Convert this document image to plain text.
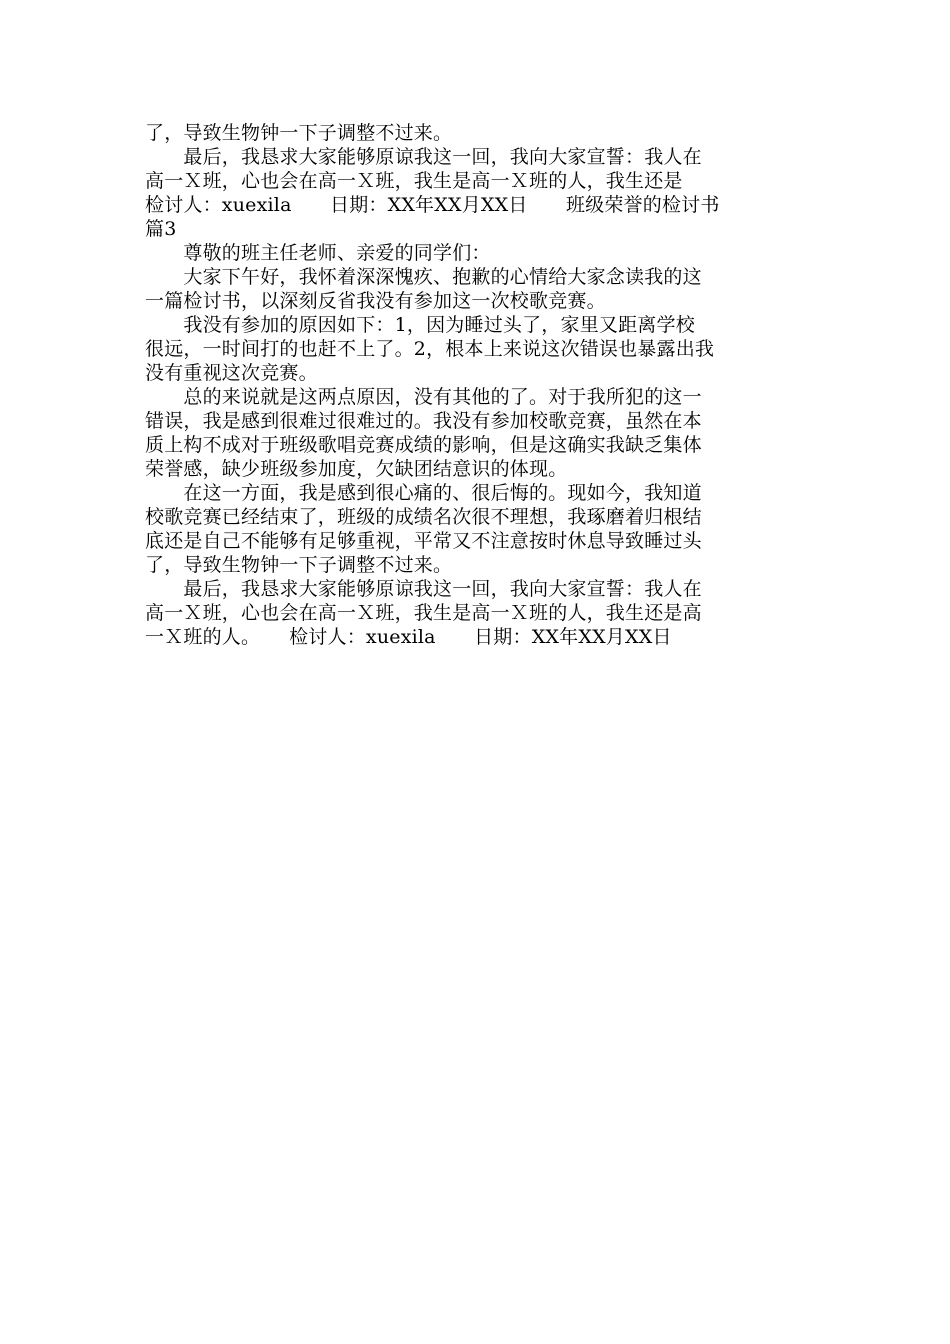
了，导致生物钟一下子调整不过来。
　　最后，我恳求大家能够原谅我这一回，我向大家宣誓：我人在
高一Ｘ班，心也会在高一Ｘ班，我生是高一Ｘ班的人，我生还是
检讨人：xuexila　　日期：XX年XX月XX日　　班级荣誉的检讨书
篇3
　　尊敬的班主任老师、亲爱的同学们：
　　大家下午好，我怀着深深愧疚、抱歉的心情给大家念读我的这
一篇检讨书，以深刻反省我没有参加这一次校歌竞赛。
　　我没有参加的原因如下：1，因为睡过头了，家里又距离学校
很远，一时间打的也赶不上了。2，根本上来说这次错误也暴露出我
没有重视这次竞赛。
　　总的来说就是这两点原因，没有其他的了。对于我所犯的这一
错误，我是感到很难过很难过的。我没有参加校歌竞赛，虽然在本
质上构不成对于班级歌唱竞赛成绩的影响，但是这确实我缺乏集体
荣誉感，缺少班级参加度，欠缺团结意识的体现。
　　在这一方面，我是感到很心痛的、很后悔的。现如今，我知道
校歌竞赛已经结束了，班级的成绩名次很不理想，我琢磨着归根结
底还是自己不能够有足够重视，平常又不注意按时休息导致睡过头
了，导致生物钟一下子调整不过来。
　　最后，我恳求大家能够原谅我这一回，我向大家宣誓：我人在
高一Ｘ班，心也会在高一Ｘ班，我生是高一Ｘ班的人，我生还是高
一Ｘ班的人。　　检讨人：xuexila　　日期：XX年XX月XX日
